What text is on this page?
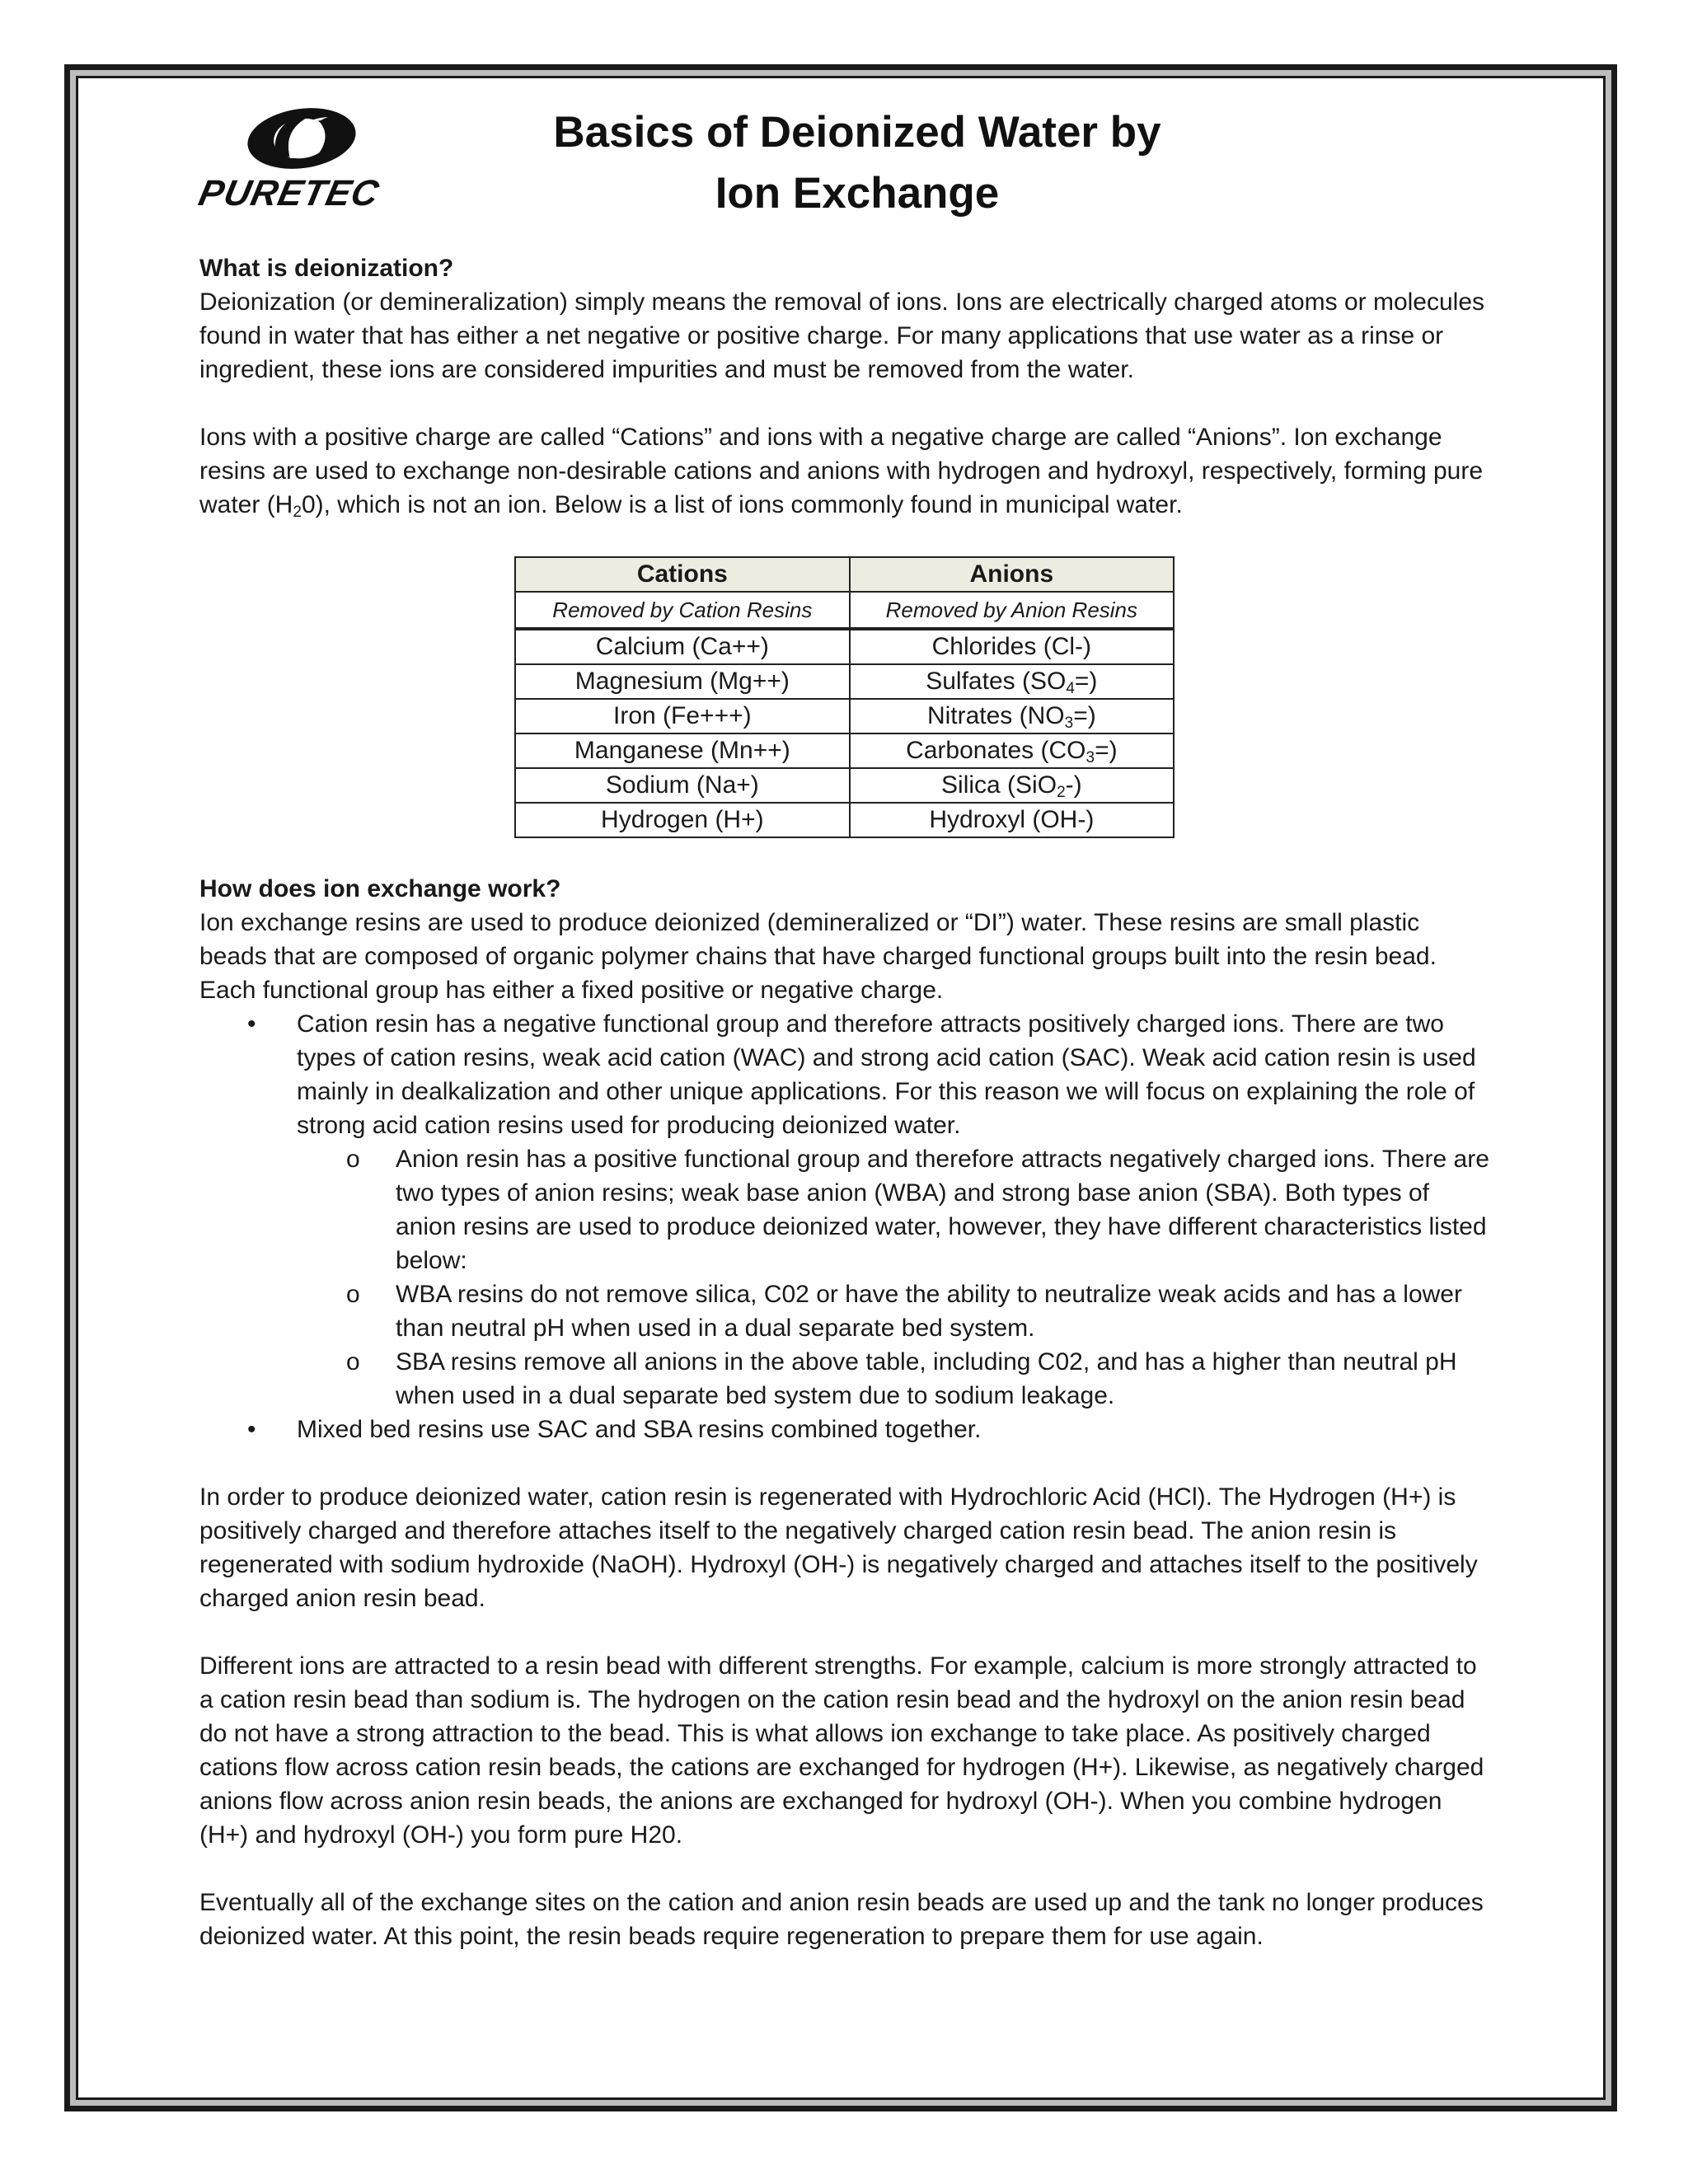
PURETEC
Basics of Deionized Water by
Ion Exchange

What is deionization?

Deionization (or demineralization) simply means the removal of ions. Ions are electrically charged atoms or molecules found in water that has either a net negative or positive charge. For many applications that use water as a rinse or ingredient, these ions are considered impurities and must be removed from the water.

Ions with a positive charge are called “Cations” and ions with a negative charge are called “Anions”. Ion exchange resins are used to exchange non-desirable cations and anions with hydrogen and hydroxyl, respectively, forming pure water $(H_20)$, which is not an ion. Below is a list of ions commonly found in municipal water.

Cations	Anions
Removed by Cation Resins	Removed by Anion Resins
Calcium (Ca++)	Chlorides (Cl-)
Magnesium (Mg++)	Sulfates $(SO_4=)$
Iron (Fe+++)	Nitrates $(NO_3=)$
Manganese (Mn++)	Carbonates $(CO_3=)$
Sodium (Na+)	Silica (SiO$_2$-)
Hydrogen (H+)	Hydroxyl (OH-)

How does ion exchange work?

Ion exchange resins are used to produce deionized (demineralized or “DI”) water. These resins are small plastic beads that are composed of organic polymer chains that have charged functional groups built into the resin bead. Each functional group has either a fixed positive or negative charge.

• Cation resin has a negative functional group and therefore attracts positively charged ions. There are two types of cation resins, weak acid cation (WAC) and strong acid cation (SAC). Weak acid cation resin is used mainly in dealkalization and other unique applications. For this reason we will focus on explaining the role of strong acid cation resins used for producing deionized water.
o Anion resin has a positive functional group and therefore attracts negatively charged ions. There are two types of anion resins; weak base anion (WBA) and strong base anion (SBA). Both types of anion resins are used to produce deionized water, however, they have different characteristics listed below:
o WBA resins do not remove silica, C02 or have the ability to neutralize weak acids and has a lower than neutral pH when used in a dual separate bed system.
o SBA resins remove all anions in the above table, including C02, and has a higher than neutral pH when used in a dual separate bed system due to sodium leakage.
• Mixed bed resins use SAC and SBA resins combined together.

In order to produce deionized water, cation resin is regenerated with Hydrochloric Acid (HCl). The Hydrogen (H+) is positively charged and therefore attaches itself to the negatively charged cation resin bead. The anion resin is regenerated with sodium hydroxide (NaOH). Hydroxyl (OH-) is negatively charged and attaches itself to the positively charged anion resin bead.

Different ions are attracted to a resin bead with different strengths. For example, calcium is more strongly attracted to a cation resin bead than sodium is. The hydrogen on the cation resin bead and the hydroxyl on the anion resin bead do not have a strong attraction to the bead. This is what allows ion exchange to take place. As positively charged cations flow across cation resin beads, the cations are exchanged for hydrogen (H+). Likewise, as negatively charged anions flow across anion resin beads, the anions are exchanged for hydroxyl (OH-). When you combine hydrogen (H+) and hydroxyl (OH-) you form pure H20.

Eventually all of the exchange sites on the cation and anion resin beads are used up and the tank no longer produces deionized water. At this point, the resin beads require regeneration to prepare them for use again.
